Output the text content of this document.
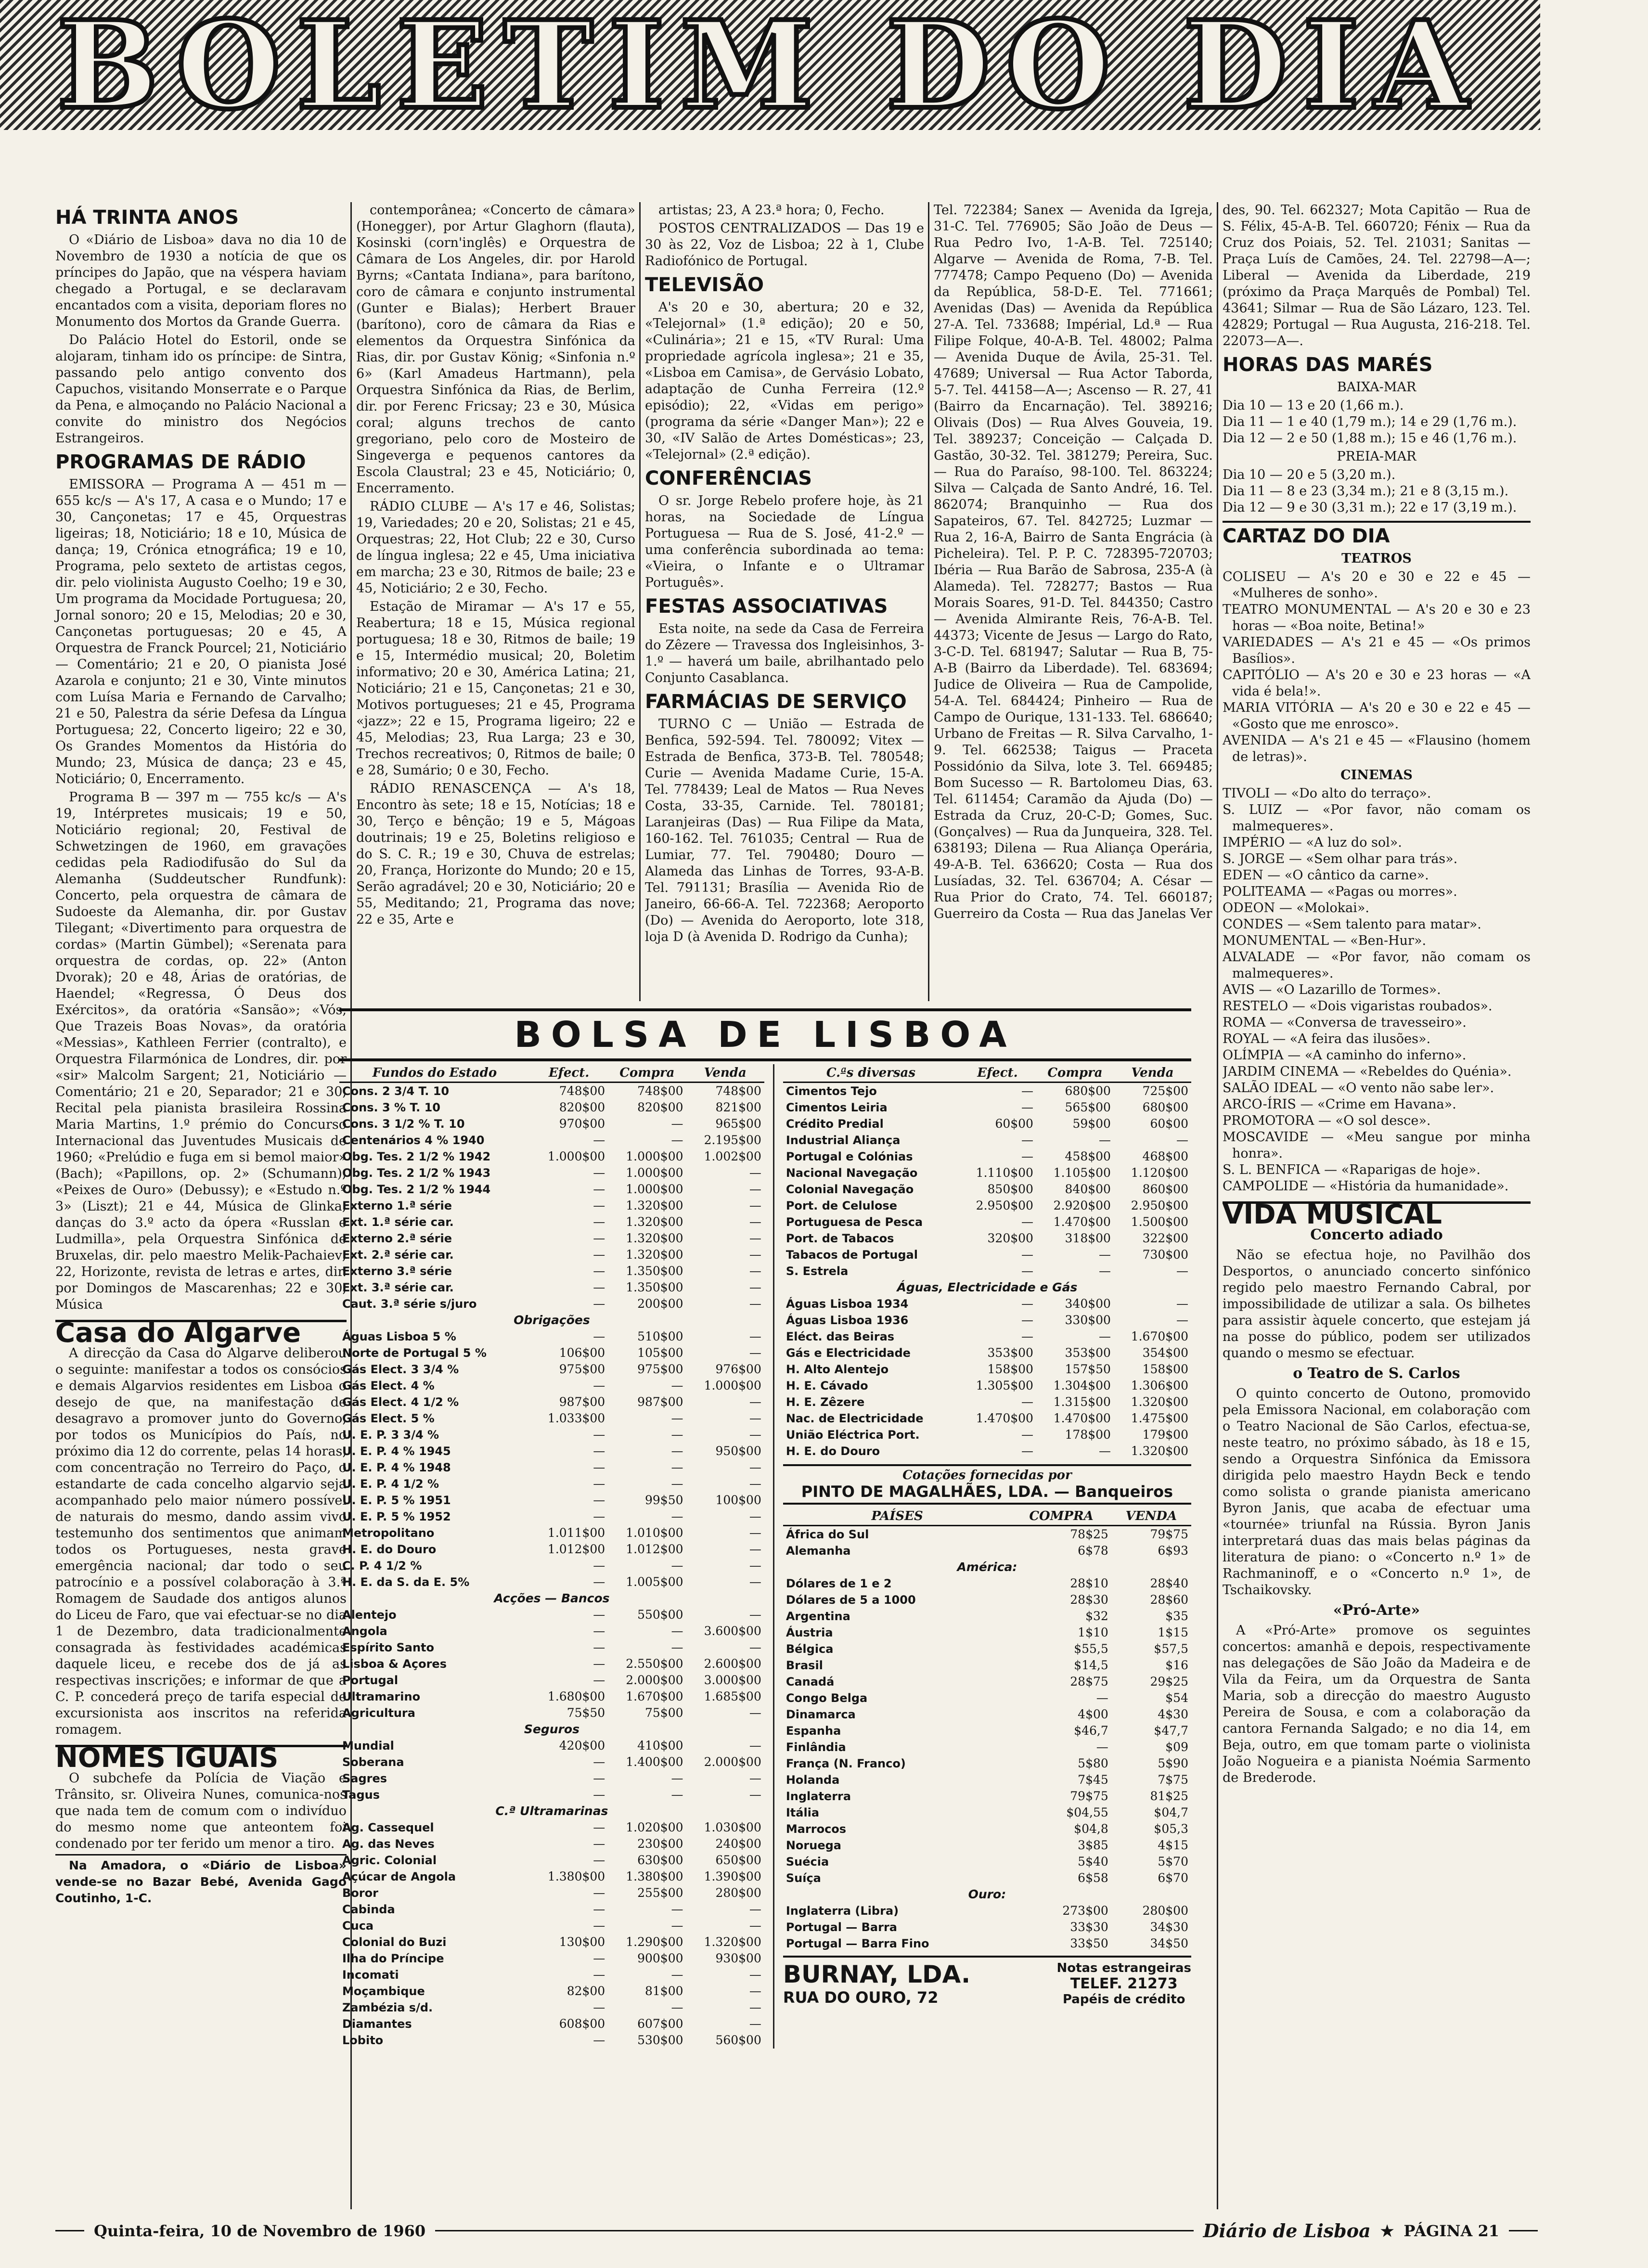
BOLETIM DO DIA
HÁ TRINTA ANOS

O «Diário de Lisboa» dava no dia 10 de Novembro de 1930 a notícia de que os príncipes do Japão, que na véspera haviam chegado a Portugal, e se declaravam encantados com a visita, deporiam flores no Monumento dos Mortos da Grande Guerra.

Do Palácio Hotel do Estoril, onde se alojaram, tinham ido os príncipe: de Sintra, passando pelo antigo convento dos Capuchos, visitando Monserrate e o Parque da Pena, e almoçando no Palácio Nacional a convite do ministro dos Negócios Estrangeiros.

PROGRAMAS DE RÁDIO

EMISSORA — Programa A — 451 m — 655 kc/s — A's 17, A casa e o Mundo; 17 e 30, Cançonetas; 17 e 45, Orquestras ligeiras; 18, Noticiário; 18 e 10, Música de dança; 19, Crónica etnográfica; 19 e 10, Programa, pelo sexteto de artistas cegos, dir. pelo violinista Augusto Coelho; 19 e 30, Um programa da Mocidade Portuguesa; 20, Jornal sonoro; 20 e 15, Melodias; 20 e 30, Cançonetas portuguesas; 20 e 45, A Orquestra de Franck Pourcel; 21, Noticiário — Comentário; 21 e 20, O pianista José Azarola e conjunto; 21 e 30, Vinte minutos com Luísa Maria e Fernando de Carvalho; 21 e 50, Palestra da série Defesa da Língua Portuguesa; 22, Concerto ligeiro; 22 e 30, Os Grandes Momentos da História do Mundo; 23, Música de dança; 23 e 45, Noticiário; 0, Encerramento.

Programa B — 397 m — 755 kc/s — A's 19, Intérpretes musicais; 19 e 50, Noticiário regional; 20, Festival de Schwetzingen de 1960, em gravações cedidas pela Radiodifusão do Sul da Alemanha (Suddeutscher Rundfunk): Concerto, pela orquestra de câmara de Sudoeste da Alemanha, dir. por Gustav Tilegant; «Divertimento para orquestra de cordas» (Martin Gümbel); «Serenata para orquestra de cordas, op. 22» (Anton Dvorak); 20 e 48, Árias de oratórias, de Haendel; «Regressa, Ó Deus dos Exércitos», da oratória «Sansão»; «Vós, Que Trazeis Boas Novas», da oratória «Messias», Kathleen Ferrier (contralto), e Orquestra Filarmónica de Londres, dir. por «sir» Malcolm Sargent; 21, Noticiário — Comentário; 21 e 20, Separador; 21 e 30, Recital pela pianista brasileira Rossina Maria Martins, 1.º prémio do Concurso Internacional das Juventudes Musicais de 1960; «Prelúdio e fuga em si bemol maior» (Bach); «Papillons, op. 2» (Schumann); «Peixes de Ouro» (Debussy); e «Estudo n.º 3» (Liszt); 21 e 44, Música de Glinka; danças do 3.º acto da ópera «Russlan e Ludmilla», pela Orquestra Sinfónica de Bruxelas, dir. pelo maestro Melik-Pachaiev; 22, Horizonte, revista de letras e artes, dir. por Domingos de Mascarenhas; 22 e 30, Música

Casa do Algarve

A direcção da Casa do Algarve deliberou o seguinte: manifestar a todos os consócios e demais Algarvios residentes em Lisboa o desejo de que, na manifestação de desagravo a promover junto do Governo, por todos os Municípios do País, no próximo dia 12 do corrente, pelas 14 horas, com concentração no Terreiro do Paço, o estandarte de cada concelho algarvio seja acompanhado pelo maior número possível de naturais do mesmo, dando assim vivo testemunho dos sentimentos que animam todos os Portugueses, nesta grave emergência nacional; dar todo o seu patrocínio e a possível colaboração à 3.ª Romagem de Saudade dos antigos alunos do Liceu de Faro, que vai efectuar-se no dia 1 de Dezembro, data tradicionalmente consagrada às festividades académicas daquele liceu, e recebe dos de já as respectivas inscrições; e informar de que a C. P. concederá preço de tarifa especial de excursionista aos inscritos na referida romagem.

NOMES IGUAIS

O subchefe da Polícia de Viação e Trânsito, sr. Oliveira Nunes, comunica-nos que nada tem de comum com o indivíduo do mesmo nome que anteontem foi condenado por ter ferido um menor a tiro.

Na Amadora, o «Diário de Lisboa» vende-se no Bazar Bebé, Avenida Gago Coutinho, 1-C.

contemporânea; «Concerto de câmara» (Honegger), por Artur Glaghorn (flauta), Kosinski (corn'inglês) e Orquestra de Câmara de Los Angeles, dir. por Harold Byrns; «Cantata Indiana», para barítono, coro de câmara e conjunto instrumental (Gunter e Bialas); Herbert Brauer (barítono), coro de câmara da Rias e elementos da Orquestra Sinfónica da Rias, dir. por Gustav König; «Sinfonia n.º 6» (Karl Amadeus Hartmann), pela Orquestra Sinfónica da Rias, de Berlim, dir. por Ferenc Fricsay; 23 e 30, Música coral; alguns trechos de canto gregoriano, pelo coro de Mosteiro de Singeverga e pequenos cantores da Escola Claustral; 23 e 45, Noticiário; 0, Encerramento.

RÁDIO CLUBE — A's 17 e 46, Solistas; 19, Variedades; 20 e 20, Solistas; 21 e 45, Orquestras; 22, Hot Club; 22 e 30, Curso de língua inglesa; 22 e 45, Uma iniciativa em marcha; 23 e 30, Ritmos de baile; 23 e 45, Noticiário; 2 e 30, Fecho.

Estação de Miramar — A's 17 e 55, Reabertura; 18 e 15, Música regional portuguesa; 18 e 30, Ritmos de baile; 19 e 15, Intermédio musical; 20, Boletim informativo; 20 e 30, América Latina; 21, Noticiário; 21 e 15, Cançonetas; 21 e 30, Motivos portugueses; 21 e 45, Programa «jazz»; 22 e 15, Programa ligeiro; 22 e 45, Melodias; 23, Rua Larga; 23 e 30, Trechos recreativos; 0, Ritmos de baile; 0 e 28, Sumário; 0 e 30, Fecho.

RÁDIO RENASCENÇA — A's 18, Encontro às sete; 18 e 15, Notícias; 18 e 30, Terço e bênção; 19 e 5, Mágoas doutrinais; 19 e 25, Boletins religioso e do S. C. R.; 19 e 30, Chuva de estrelas; 20, França, Horizonte do Mundo; 20 e 15, Serão agradável; 20 e 30, Noticiário; 20 e 55, Meditando; 21, Programa das nove; 22 e 35, Arte e

artistas; 23, A 23.ª hora; 0, Fecho.

POSTOS CENTRALIZADOS — Das 19 e 30 às 22, Voz de Lisboa; 22 à 1, Clube Radiofónico de Portugal.

TELEVISÃO

A's 20 e 30, abertura; 20 e 32, «Telejornal» (1.ª edição); 20 e 50, «Culinária»; 21 e 15, «TV Rural: Uma propriedade agrícola inglesa»; 21 e 35, «Lisboa em Camisa», de Gervásio Lobato, adaptação de Cunha Ferreira (12.º episódio); 22, «Vidas em perigo» (programa da série «Danger Man»); 22 e 30, «IV Salão de Artes Domésticas»; 23, «Telejornal» (2.ª edição).

CONFERÊNCIAS

O sr. Jorge Rebelo profere hoje, às 21 horas, na Sociedade de Língua Portuguesa — Rua de S. José, 41-2.º — uma conferência subordinada ao tema: «Vieira, o Infante e o Ultramar Português».

FESTAS ASSOCIATIVAS

Esta noite, na sede da Casa de Ferreira do Zêzere — Travessa dos Ingleisinhos, 3-1.º — haverá um baile, abrilhantado pelo Conjunto Casablanca.

FARMÁCIAS DE SERVIÇO

TURNO C — União — Estrada de Benfica, 592-594. Tel. 780092; Vitex — Estrada de Benfica, 373-B. Tel. 780548; Curie — Avenida Madame Curie, 15-A. Tel. 778439; Leal de Matos — Rua Neves Costa, 33-35, Carnide. Tel. 780181; Laranjeiras (Das) — Rua Filipe da Mata, 160-162. Tel. 761035; Central — Rua de Lumiar, 77. Tel. 790480; Douro — Alameda das Linhas de Torres, 93-A-B. Tel. 791131; Brasília — Avenida Rio de Janeiro, 66-66-A. Tel. 722368; Aeroporto (Do) — Avenida do Aeroporto, lote 318, loja D (à Avenida D. Rodrigo da Cunha);

Tel. 722384; Sanex — Avenida da Igreja, 31-C. Tel. 776905; São João de Deus — Rua Pedro Ivo, 1-A-B. Tel. 725140; Algarve — Avenida de Roma, 7-B. Tel. 777478; Campo Pequeno (Do) — Avenida da República, 58-D-E. Tel. 771661; Avenidas (Das) — Avenida da República 27-A. Tel. 733688; Impérial, Ld.ª — Rua Filipe Folque, 40-A-B. Tel. 48002; Palma — Avenida Duque de Ávila, 25-31. Tel. 47689; Universal — Rua Actor Taborda, 5-7. Tel. 44158—A—; Ascenso — R. 27, 41 (Bairro da Encarnação). Tel. 389216; Olivais (Dos) — Rua Alves Gouveia, 19. Tel. 389237; Conceição — Calçada D. Gastão, 30-32. Tel. 381279; Pereira, Suc. — Rua do Paraíso, 98-100. Tel. 863224; Silva — Calçada de Santo André, 16. Tel. 862074; Branquinho — Rua dos Sapateiros, 67. Tel. 842725; Luzmar — Rua 2, 16-A, Bairro de Santa Engrácia (à Picheleira). Tel. P. P. C. 728395-720703; Ibéria — Rua Barão de Sabrosa, 235-A (à Alameda). Tel. 728277; Bastos — Rua Morais Soares, 91-D. Tel. 844350; Castro — Avenida Almirante Reis, 76-A-B. Tel. 44373; Vicente de Jesus — Largo do Rato, 3-C-D. Tel. 681947; Salutar — Rua B, 75-A-B (Bairro da Liberdade). Tel. 683694; Judice de Oliveira — Rua de Campolide, 54-A. Tel. 684424; Pinheiro — Rua de Campo de Ourique, 131-133. Tel. 686640; Urbano de Freitas — R. Silva Carvalho, 1-9. Tel. 662538; Taigus — Praceta Possidónio da Silva, lote 3. Tel. 669485; Bom Sucesso — R. Bartolomeu Dias, 63. Tel. 611454; Caramão da Ajuda (Do) — Estrada da Cruz, 20-C-D; Gomes, Suc. (Gonçalves) — Rua da Junqueira, 328. Tel. 638193; Dilena — Rua Aliança Operária, 49-A-B. Tel. 636620; Costa — Rua dos Lusíadas, 32. Tel. 636704; A. César — Rua Prior do Crato, 74. Tel. 660187; Guerreiro da Costa — Rua das Janelas Ver

des, 90. Tel. 662327; Mota Capitão — Rua de S. Félix, 45-A-B. Tel. 660720; Fénix — Rua da Cruz dos Poiais, 52. Tel. 21031; Sanitas — Praça Luís de Camões, 24. Tel. 22798—A—; Liberal — Avenida da Liberdade, 219 (próximo da Praça Marquês de Pombal) Tel. 43641; Silmar — Rua de São Lázaro, 123. Tel. 42829; Portugal — Rua Augusta, 216-218. Tel. 22073—A—.

HORAS DAS MARÉS
BAIXA-MAR
Dia 10 — 13 e 20 (1,66 m.).
Dia 11 — 1 e 40 (1,79 m.); 14 e 29 (1,76 m.).
Dia 12 — 2 e 50 (1,88 m.); 15 e 46 (1,76 m.).
PREIA-MAR
Dia 10 — 20 e 5 (3,20 m.).
Dia 11 — 8 e 23 (3,34 m.); 21 e 8 (3,15 m.).
Dia 12 — 9 e 30 (3,31 m.); 22 e 17 (3,19 m.).
CARTAZ DO DIA
TEATROS
COLISEU — A's 20 e 30 e 22 e 45 — «Mulheres de sonho».
TEATRO MONUMENTAL — A's 20 e 30 e 23 horas — «Boa noite, Betina!»
VARIEDADES — A's 21 e 45 — «Os primos Basílios».
CAPITÓLIO — A's 20 e 30 e 23 horas — «A vida é bela!».
MARIA VITÓRIA — A's 20 e 30 e 22 e 45 — «Gosto que me enrosco».
AVENIDA — A's 21 e 45 — «Flausino (homem de letras)».
CINEMAS
TIVOLI — «Do alto do terraço».
S. LUIZ — «Por favor, não comam os malmequeres».
IMPÉRIO — «A luz do sol».
S. JORGE — «Sem olhar para trás».
EDEN — «O cântico da carne».
POLITEAMA — «Pagas ou morres».
ODEON — «Molokai».
CONDES — «Sem talento para matar».
MONUMENTAL — «Ben-Hur».
ALVALADE — «Por favor, não comam os malmequeres».
AVIS — «O Lazarillo de Tormes».
RESTELO — «Dois vigaristas roubados».
ROMA — «Conversa de travesseiro».
ROYAL — «A feira das ilusões».
OLÍMPIA — «A caminho do inferno».
JARDIM CINEMA — «Rebeldes do Quénia».
SALÃO IDEAL — «O vento não sabe ler».
ARCO-ÍRIS — «Crime em Havana».
PROMOTORA — «O sol desce».
MOSCAVIDE — «Meu sangue por minha honra».
S. L. BENFICA — «Raparigas de hoje».
CAMPOLIDE — «História da humanidade».
VIDA MUSICAL
Concerto adiado

Não se efectua hoje, no Pavilhão dos Desportos, o anunciado concerto sinfónico regido pelo maestro Fernando Cabral, por impossibilidade de utilizar a sala. Os bilhetes para assistir àquele concerto, que estejam já na posse do público, podem ser utilizados quando o mesmo se efectuar.

o Teatro de S. Carlos

O quinto concerto de Outono, promovido pela Emissora Nacional, em colaboração com o Teatro Nacional de São Carlos, efectua-se, neste teatro, no próximo sábado, às 18 e 15, sendo a Orquestra Sinfónica da Emissora dirigida pelo maestro Haydn Beck e tendo como solista o grande pianista americano Byron Janis, que acaba de efectuar uma «tournée» triunfal na Rússia. Byron Janis interpretará duas das mais belas páginas da literatura de piano: o «Concerto n.º 1» de Rachmaninoff, e o «Concerto n.º 1», de Tschaikovsky.

«Pró-Arte»

A «Pró-Arte» promove os seguintes concertos: amanhã e depois, respectivamente nas delegações de São João da Madeira e de Vila da Feira, um da Orquestra de Santa Maria, sob a direcção do maestro Augusto Pereira de Sousa, e com a colaboração da cantora Fernanda Salgado; e no dia 14, em Beja, outro, em que tomam parte o violinista João Nogueira e a pianista Noémia Sarmento de Brederode.

BOLSA DE LISBOA
Fundos do Estado	Efect.	Compra	Venda
Cons. 2 3/4 T. 10	748$00	748$00	748$00
Cons. 3 % T. 10	820$00	820$00	821$00
Cons. 3 1/2 % T. 10	970$00	—	965$00
Centenários 4 % 1940	—	—	2.195$00
Obg. Tes. 2 1/2 % 1942	1.000$00	1.000$00	1.002$00
Obg. Tes. 2 1/2 % 1943	—	1.000$00	—
Obg. Tes. 2 1/2 % 1944	—	1.000$00	—
Externo 1.ª série	—	1.320$00	—
Ext. 1.ª série car.	—	1.320$00	—
Externo 2.ª série	—	1.320$00	—
Ext. 2.ª série car.	—	1.320$00	—
Externo 3.ª série	—	1.350$00	—
Ext. 3.ª série car.	—	1.350$00	—
Caut. 3.ª série s/juro	—	200$00	—
Obrigações			
Águas Lisboa 5 %	—	510$00	—
Norte de Portugal 5 %	106$00	105$00	—
Gás Elect. 3 3/4 %	975$00	975$00	976$00
Gás Elect. 4 %	—	—	1.000$00
Gás Elect. 4 1/2 %	987$00	987$00	—
Gás Elect. 5 %	1.033$00	—	—
U. E. P. 3 3/4 %	—	—	—
U. E. P. 4 % 1945	—	—	950$00
U. E. P. 4 % 1948	—	—	—
U. E. P. 4 1/2 %	—	—	—
U. E. P. 5 % 1951	—	99$50	100$00
U. E. P. 5 % 1952	—	—	—
Metropolitano	1.011$00	1.010$00	—
H. E. do Douro	1.012$00	1.012$00	—
C. P. 4 1/2 %	—	—	—
H. E. da S. da E. 5%	—	1.005$00	—
Acções — Bancos			
Alentejo	—	550$00	—
Angola	—	—	3.600$00
Espírito Santo	—	—	—
Lisboa & Açores	—	2.550$00	2.600$00
Portugal	—	2.000$00	3.000$00
Ultramarino	1.680$00	1.670$00	1.685$00
Agricultura	75$50	75$00	—
Seguros			
Mundial	420$00	410$00	—
Soberana	—	1.400$00	2.000$00
Sagres	—	—	—
Tagus	—	—	—
C.ª Ultramarinas			
Ag. Cassequel	—	1.020$00	1.030$00
Ag. das Neves	—	230$00	240$00
Agric. Colonial	—	630$00	650$00
Açúcar de Angola	1.380$00	1.380$00	1.390$00
Boror	—	255$00	280$00
Cabinda	—	—	—
Cuca	—	—	—
Colonial do Buzi	130$00	1.290$00	1.320$00
Ilha do Príncipe	—	900$00	930$00
Incomati	—	—	—
Moçambique	82$00	81$00	—
Zambézia s/d.	—	—	—
Diamantes	608$00	607$00	—
Lobito	—	530$00	560$00
C.ªs diversas	Efect.	Compra	Venda
Cimentos Tejo	—	680$00	725$00
Cimentos Leiria	—	565$00	680$00
Crédito Predial	60$00	59$00	60$00
Industrial Aliança	—	—	—
Portugal e Colónias	—	458$00	468$00
Nacional Navegação	1.110$00	1.105$00	1.120$00
Colonial Navegação	850$00	840$00	860$00
Port. de Celulose	2.950$00	2.920$00	2.950$00
Portuguesa de Pesca	—	1.470$00	1.500$00
Port. de Tabacos	320$00	318$00	322$00
Tabacos de Portugal	—	—	730$00
S. Estrela	—	—	—
Águas, Electricidade e Gás			
Águas Lisboa 1934	—	340$00	—
Águas Lisboa 1936	—	330$00	—
Eléct. das Beiras	—	—	1.670$00
Gás e Electricidade	353$00	353$00	354$00
H. Alto Alentejo	158$00	157$50	158$00
H. E. Cávado	1.305$00	1.304$00	1.306$00
H. E. Zêzere	—	1.315$00	1.320$00
Nac. de Electricidade	1.470$00	1.470$00	1.475$00
União Eléctrica Port.	—	178$00	179$00
H. E. do Douro	—	—	1.320$00
Cotações fornecidas por
PINTO DE MAGALHÃES, LDA. — Banqueiros
PAÍSES	COMPRA	VENDA
África do Sul	78$25	79$75
Alemanha	6$78	6$93
América:		
Dólares de 1 e 2	28$10	28$40
Dólares de 5 a 1000	28$30	28$60
Argentina	$32	$35
Áustria	1$10	1$15
Bélgica	$55,5	$57,5
Brasil	$14,5	$16
Canadá	28$75	29$25
Congo Belga	—	$54
Dinamarca	4$00	4$30
Espanha	$46,7	$47,7
Finlândia	—	$09
França (N. Franco)	5$80	5$90
Holanda	7$45	7$75
Inglaterra	79$75	81$25
Itália	$04,55	$04,7
Marrocos	$04,8	$05,3
Noruega	3$85	4$15
Suécia	5$40	5$70
Suíça	6$58	6$70
Ouro:		
Inglaterra (Libra)	273$00	280$00
Portugal — Barra	33$30	34$30
Portugal — Barra Fino	33$50	34$50
BURNAY, LDA.
RUA DO OURO, 72
Notas estrangeiras
TELEF. 21273
Papéis de crédito
Quinta-feira, 10 de Novembro de 1960	Diário de Lisboa ★ PÁGINA 21
